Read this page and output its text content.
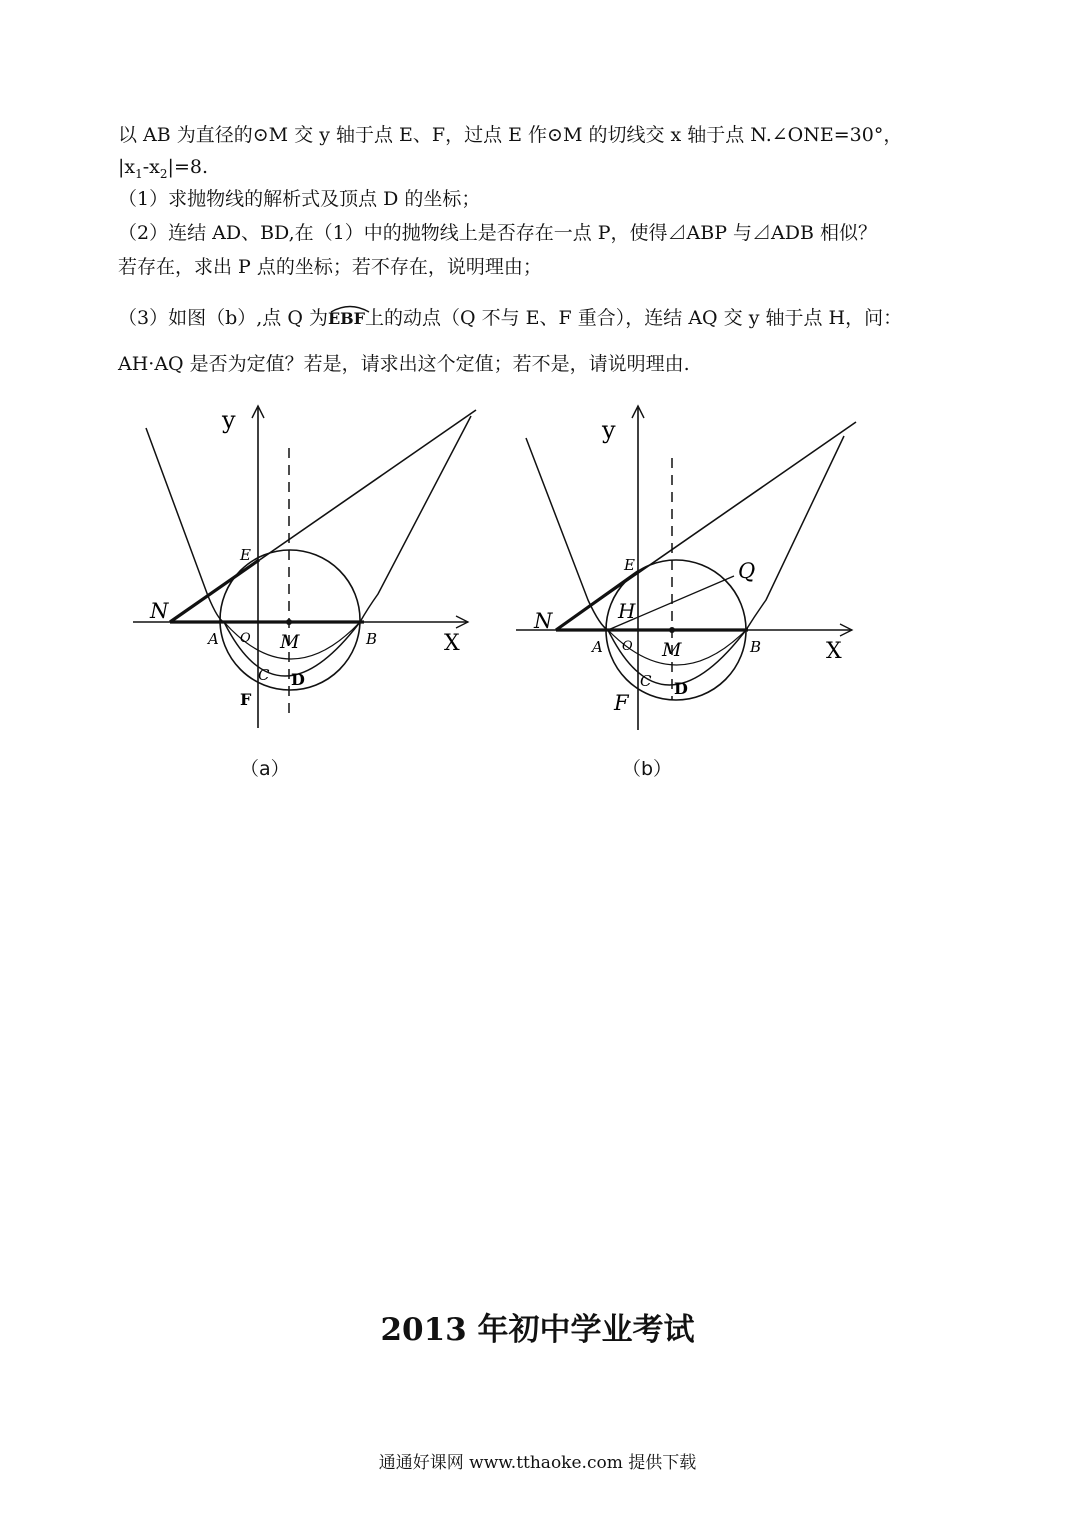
以 AB 为直径的⊙M 交 y 轴于点 E、F，过点 E 作⊙M 的切线交 x 轴于点 N.∠ONE=30°，
$|x_1-x_2|=8$.
（1）求抛物线的解析式及顶点 D 的坐标；
（2）连结 AD、BD,在（1）中的抛物线上是否存在一点 P，使得⊿ABP 与⊿ADB 相似？
若存在，求出 P 点的坐标；若不存在，说明理由；
（3）如图（b）,点 Q 为
EBF上的动点（Q 不与 E、F 重合），连结 AQ 交 y 轴于点 H，问：
AH·AQ 是否为定值？若是，请求出这个定值；若不是，请说明理由.
y
X
N
A O M	B
E
C D
F
（a）
y
X
N
A O M	B
E
H
Q
C D
F
（b）
2013 年初中学业考试
通通好课网 www.tthaoke.com 提供下载
